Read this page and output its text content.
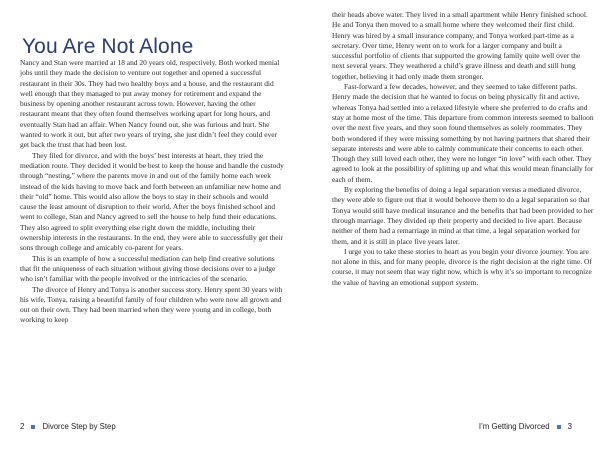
You Are Not Alone

Nancy and Stan were married at 18 and 20 years old, respectively. Both worked menial jobs until they made the decision to venture out together and opened a successful restaurant in their 30s. They had two healthy boys and a house, and the restaurant did well enough that they managed to put away money for retirement and expand the business by opening another restaurant across town. However, having the other restaurant meant that they often found themselves working apart for long hours, and eventually Stan had an affair. When Nancy found out, she was furious and hurt. She wanted to work it out, but after two years of trying, she just didn’t feel they could ever get back the trust that had been lost.

They filed for divorce, and with the boys’ best interests at heart, they tried the mediation route. They decided it would be best to keep the house and handle the custody through “nesting,” where the parents move in and out of the family home each week instead of the kids having to move back and forth between an unfamiliar new home and their “old” home. This would also allow the boys to stay in their schools and would cause the least amount of disruption to their world. After the boys finished school and went to college, Stan and Nancy agreed to sell the house to help fund their educations. They also agreed to split everything else right down the middle, including their ownership interests in the restaurants. In the end, they were able to successfully get their sons through college and amicably co-parent for years.

This is an example of how a successful mediation can help find creative solutions that fit the uniqueness of each situation without giving those decisions over to a judge who isn’t familiar with the people involved or the intricacies of the scenario.

The divorce of Henry and Tonya is another success story. Henry spent 30 years with his wife, Tonya, raising a beautiful family of four children who were now all grown and out on their own. They had been married when they were young and in college, both working to keep

2 Divorce Step by Step

their heads above water. They lived in a small apartment while Henry finished school. He and Tonya then moved to a small home where they welcomed their first child. Henry was hired by a small insurance company, and Tonya worked part-time as a secretary. Over time, Henry went on to work for a larger company and built a successful portfolio of clients that supported the growing family quite well over the next several years. They weathered a child’s grave illness and death and still hung together, believing it had only made them stronger.

Fast-forward a few decades, however, and they seemed to take different paths. Henry made the decision that he wanted to focus on being physically fit and active, whereas Tonya had settled into a relaxed lifestyle where she preferred to do crafts and stay at home most of the time. This departure from common interests seemed to balloon over the next five years, and they soon found themselves as solely roommates. They both wondered if they were missing something by not having partners that shared their separate interests and were able to calmly communicate their concerns to each other. Though they still loved each other, they were no longer “in love” with each other. They agreed to look at the possibility of splitting up and what this would mean financially for each of them.

By exploring the benefits of doing a legal separation versus a mediated divorce, they were able to figure out that it would behoove them to do a legal separation so that Tonya would still have medical insurance and the benefits that had been provided to her through marriage. They divided up their property and decided to live apart. Because neither of them had a remarriage in mind at that time, a legal separation worked for them, and it is still in place five years later.

I urge you to take these stories to heart as you begin your divorce journey. You are not alone in this, and for many people, divorce is the right decision at the right time. Of course, it may not seem that way right now, which is why it’s so important to recognize the value of having an emotional support system.

I’m Getting Divorced 3
